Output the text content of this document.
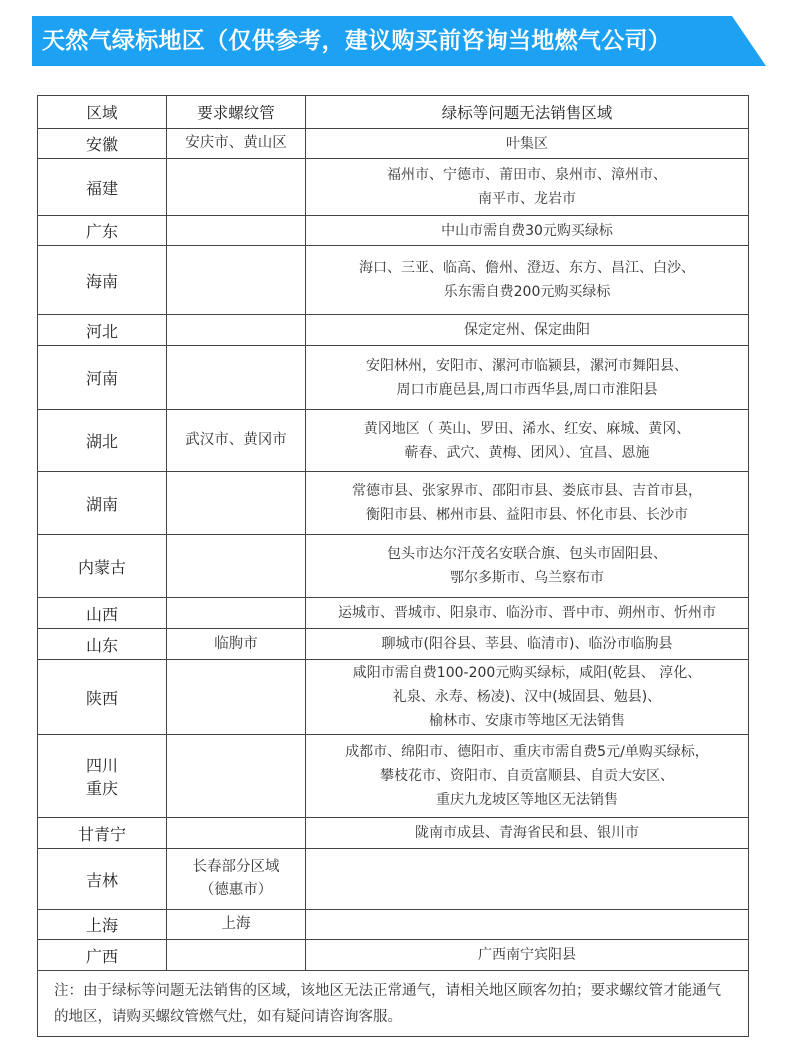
天然气绿标地区（仅供参考，建议购买前咨询当地燃气公司）
区域	要求螺纹管	绿标等问题无法销售区域

安徽	安庆市、黄山区	叶集区

福建		福州市、宁德市、莆田市、泉州市、漳州市、
南平市、龙岩市

广东		中山市需自费30元购买绿标

海南		海口、三亚、临高、儋州、澄迈、东方、昌江、白沙、
乐东需自费200元购买绿标

河北		保定定州、保定曲阳

河南		安阳林州，安阳市、漯河市临颍县，漯河市舞阳县、
周口市鹿邑县,周口市西华县,周口市淮阳县

湖北	武汉市、黄冈市	黄冈地区（ 英山、罗田、浠水、红安、麻城、黄冈、
蕲春、武穴、黄梅、团风）、宜昌、恩施

湖南		常德市县、张家界市、邵阳市县、娄底市县、吉首市县，
衡阳市县、郴州市县、益阳市县、怀化市县、长沙市

内蒙古		包头市达尔汗茂名安联合旗、包头市固阳县、
鄂尔多斯市、乌兰察布市

山西		运城市、晋城市、阳泉市、临汾市、晋中市、朔州市、忻州市

山东	临朐市	聊城市(阳谷县、莘县、临清市)、临汾市临朐县

陕西		咸阳市需自费100-200元购买绿标，咸阳(乾县、 淳化、
礼泉、永寿、杨凌)、汉中(城固县、勉县)、
榆林市、安康市等地区无法销售

四川
重庆		成都市、绵阳市、德阳市、重庆市需自费5元/单购买绿标，
攀枝花市、资阳市、自贡富顺县、自贡大安区、
重庆九龙坡区等地区无法销售

甘青宁		陇南市成县、青海省民和县、银川市

吉林	长春部分区域
（德惠市）	

上海	上海	

广西		广西南宁宾阳县

注：由于绿标等问题无法销售的区域，该地区无法正常通气，请相关地区顾客勿拍；要求螺纹管才能通气的地区，请购买螺纹管燃气灶，如有疑问请咨询客服。		
